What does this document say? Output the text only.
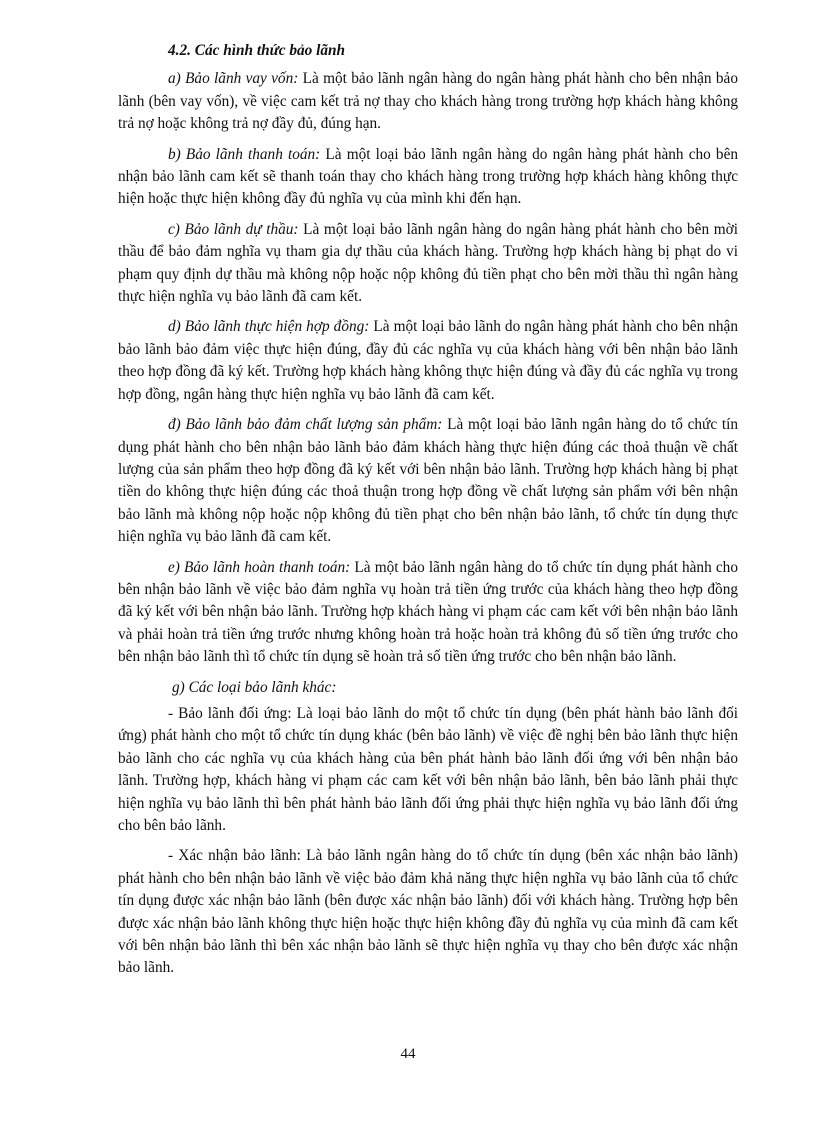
4.2. Các hình thức bảo lãnh

a) Bảo lãnh vay vốn: Là một bảo lãnh ngân hàng do ngân hàng phát hành cho bên nhận bảo lãnh (bên vay vốn), về việc cam kết trả nợ thay cho khách hàng trong trường hợp khách hàng không trả nợ hoặc không trả nợ đầy đủ, đúng hạn.

b) Bảo lãnh thanh toán: Là một loại bảo lãnh ngân hàng do ngân hàng phát hành cho bên nhận bảo lãnh cam kết sẽ thanh toán thay cho khách hàng trong trường hợp khách hàng không thực hiện hoặc thực hiện không đầy đủ nghĩa vụ của mình khi đến hạn.

c) Bảo lãnh dự thầu: Là một loại bảo lãnh ngân hàng do ngân hàng phát hành cho bên mời thầu để bảo đảm nghĩa vụ tham gia dự thầu của khách hàng. Trường hợp khách hàng bị phạt do vi phạm quy định dự thầu mà không nộp hoặc nộp không đủ tiền phạt cho bên mời thầu thì ngân hàng thực hiện nghĩa vụ bảo lãnh đã cam kết.

d) Bảo lãnh thực hiện hợp đồng: Là một loại bảo lãnh do ngân hàng phát hành cho bên nhận bảo lãnh bảo đảm việc thực hiện đúng, đầy đủ các nghĩa vụ của khách hàng với bên nhận bảo lãnh theo hợp đồng đã ký kết. Trường hợp khách hàng không thực hiện đúng và đầy đủ các nghĩa vụ trong hợp đồng, ngân hàng thực hiện nghĩa vụ bảo lãnh đã cam kết.

đ) Bảo lãnh bảo đảm chất lượng sản phẩm: Là một loại bảo lãnh ngân hàng do tổ chức tín dụng phát hành cho bên nhận bảo lãnh bảo đảm khách hàng thực hiện đúng các thoả thuận về chất lượng của sản phẩm theo hợp đồng đã ký kết với bên nhận bảo lãnh. Trường hợp khách hàng bị phạt tiền do không thực hiện đúng các thoả thuận trong hợp đồng về chất lượng sản phẩm với bên nhận bảo lãnh mà không nộp hoặc nộp không đủ tiền phạt cho bên nhận bảo lãnh, tổ chức tín dụng thực hiện nghĩa vụ bảo lãnh đã cam kết.

e) Bảo lãnh hoàn thanh toán: Là một bảo lãnh ngân hàng do tổ chức tín dụng phát hành cho bên nhận bảo lãnh về việc bảo đảm nghĩa vụ hoàn trả tiền ứng trước của khách hàng theo hợp đồng đã ký kết với bên nhận bảo lãnh. Trường hợp khách hàng vi phạm các cam kết với bên nhận bảo lãnh và phải hoàn trả tiền ứng trước nhưng không hoàn trả hoặc hoàn trả không đủ số tiền ứng trước cho bên nhận bảo lãnh thì tổ chức tín dụng sẽ hoàn trả số tiền ứng trước cho bên nhận bảo lãnh.

g) Các loại bảo lãnh khác:

- Bảo lãnh đối ứng: Là loại bảo lãnh do một tổ chức tín dụng (bên phát hành bảo lãnh đối ứng) phát hành cho một tổ chức tín dụng khác (bên bảo lãnh) về việc đề nghị bên bảo lãnh thực hiện bảo lãnh cho các nghĩa vụ của khách hàng của bên phát hành bảo lãnh đối ứng với bên nhận bảo lãnh. Trường hợp, khách hàng vi phạm các cam kết với bên nhận bảo lãnh, bên bảo lãnh phải thực hiện nghĩa vụ bảo lãnh thì bên phát hành bảo lãnh đối ứng phải thực hiện nghĩa vụ bảo lãnh đối ứng cho bên bảo lãnh.

- Xác nhận bảo lãnh: Là bảo lãnh ngân hàng do tổ chức tín dụng (bên xác nhận bảo lãnh) phát hành cho bên nhận bảo lãnh về việc bảo đảm khả năng thực hiện nghĩa vụ bảo lãnh của tổ chức tín dụng được xác nhận bảo lãnh (bên được xác nhận bảo lãnh) đối với khách hàng. Trường hợp bên được xác nhận bảo lãnh không thực hiện hoặc thực hiện không đầy đủ nghĩa vụ của mình đã cam kết với bên nhận bảo lãnh thì bên xác nhận bảo lãnh sẽ thực hiện nghĩa vụ thay cho bên được xác nhận bảo lãnh.

44
